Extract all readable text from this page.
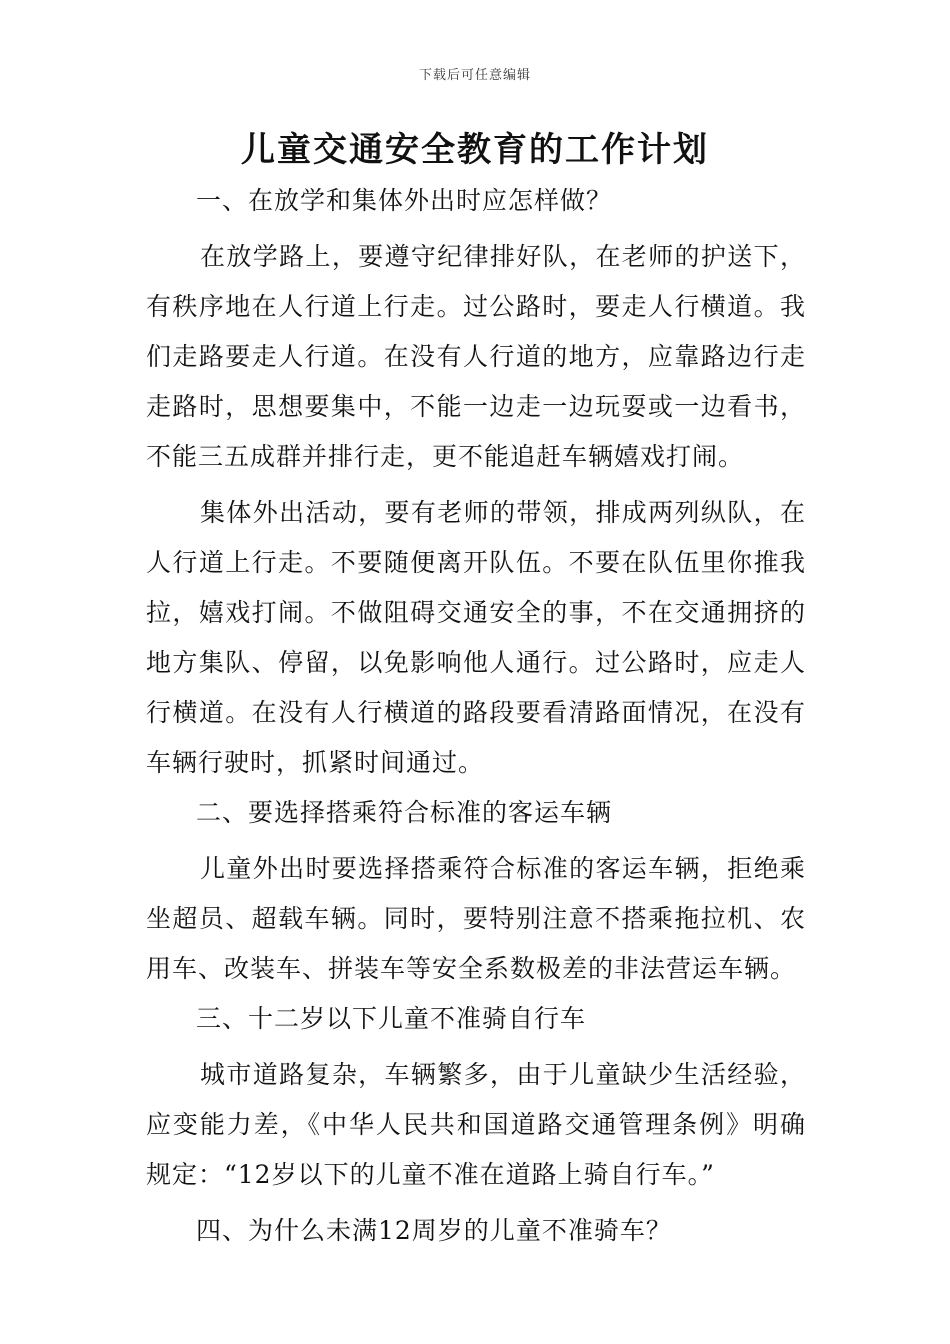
下载后可任意编辑
儿童交通安全教育的工作计划

一、在放学和集体外出时应怎样做？

在放学路上，要遵守纪律排好队，在老师的护送下，有秩序地在人行道上行走。过公路时，要走人行横道。我们走路要走人行道。在没有人行道的地方，应靠路边行走走路时，思想要集中，不能一边走一边玩耍或一边看书，不能三五成群并排行走，更不能追赶车辆嬉戏打闹。

集体外出活动，要有老师的带领，排成两列纵队，在人行道上行走。不要随便离开队伍。不要在队伍里你推我拉，嬉戏打闹。不做阻碍交通安全的事，不在交通拥挤的地方集队、停留，以免影响他人通行。过公路时，应走人行横道。在没有人行横道的路段要看清路面情况，在没有车辆行驶时，抓紧时间通过。

二、要选择搭乘符合标准的客运车辆

儿童外出时要选择搭乘符合标准的客运车辆，拒绝乘坐超员、超载车辆。同时，要特别注意不搭乘拖拉机、农用车、改装车、拼装车等安全系数极差的非法营运车辆。

三、十二岁以下儿童不准骑自行车

城市道路复杂，车辆繁多，由于儿童缺少生活经验，应变能力差，《中华人民共和国道路交通管理条例》明确规定：“12岁以下的儿童不准在道路上骑自行车。”

四、为什么未满12周岁的儿童不准骑车？
